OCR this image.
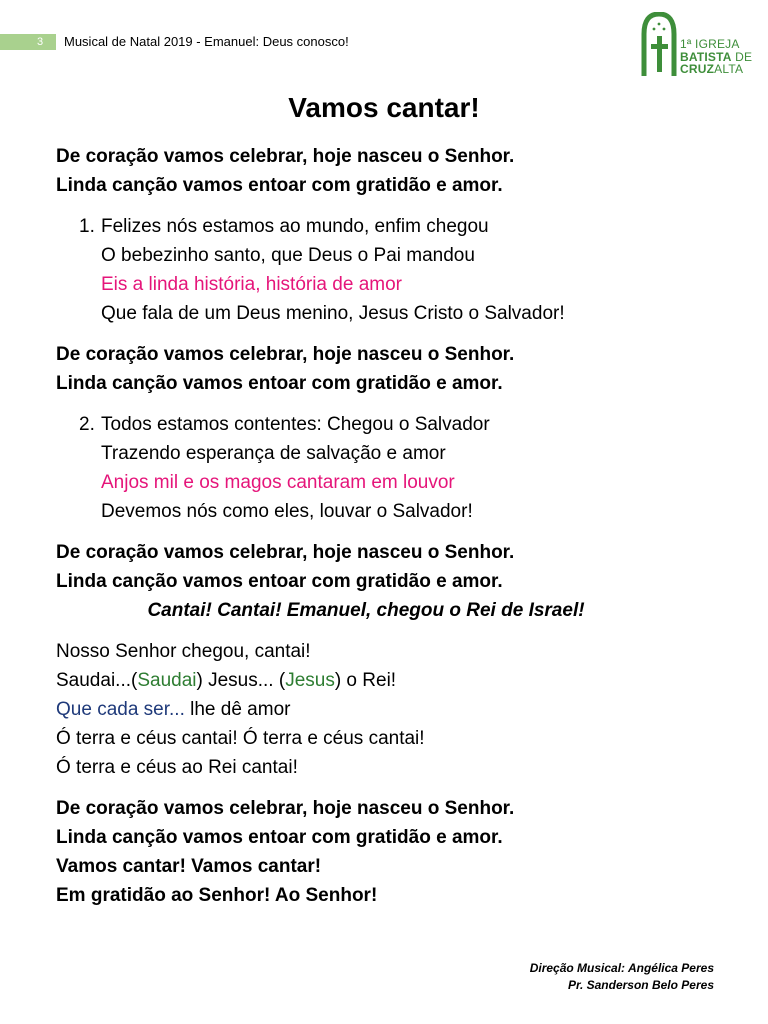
3 Musical de Natal 2019 - Emanuel: Deus conosco!	1ª IGREJA
BATISTA DE
CRUZALTA
Vamos cantar!
De coração vamos celebrar, hoje nasceu o Senhor.
Linda canção vamos entoar com gratidão e amor.
1. Felizes nós estamos ao mundo, enfim chegou
O bebezinho santo, que Deus o Pai mandou
Eis a linda história, história de amor
Que fala de um Deus menino, Jesus Cristo o Salvador!
De coração vamos celebrar, hoje nasceu o Senhor.
Linda canção vamos entoar com gratidão e amor.
2. Todos estamos contentes: Chegou o Salvador
Trazendo esperança de salvação e amor
Anjos mil e os magos cantaram em louvor
Devemos nós como eles, louvar o Salvador!
De coração vamos celebrar, hoje nasceu o Senhor.
Linda canção vamos entoar com gratidão e amor.
Cantai! Cantai! Emanuel, chegou o Rei de Israel!
Nosso Senhor chegou, cantai!
Saudai...(Saudai) Jesus... (Jesus) o Rei!
Que cada ser... lhe dê amor
Ó terra e céus cantai! Ó terra e céus cantai!
Ó terra e céus ao Rei cantai!
De coração vamos celebrar, hoje nasceu o Senhor.
Linda canção vamos entoar com gratidão e amor.
Vamos cantar! Vamos cantar!
Em gratidão ao Senhor! Ao Senhor!
Direção Musical: Angélica Peres
Pr. Sanderson Belo Peres
